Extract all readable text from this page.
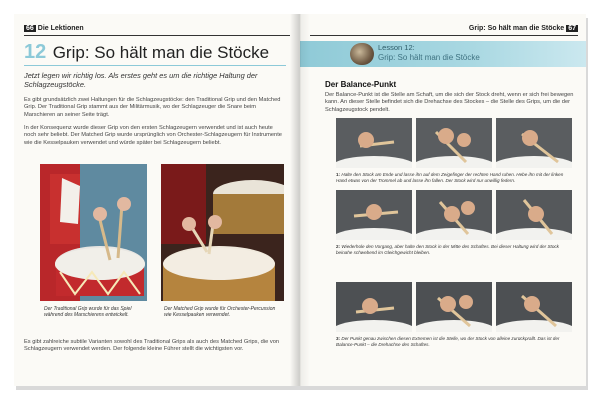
66 Die Lektionen
12 Grip: So hält man die Stöcke
Jetzt legen wir richtig los. Als erstes geht es um die richtige Haltung der Schlagzeugstöcke.
Es gibt grundsätzlich zwei Haltungen für die Schlagzeugstöcke: den Traditional Grip und den Matched Grip. Der Traditional Grip stammt aus der Militärmusik, wo der Schlagzeuger die Snare beim Marschieren an seiner Seite trägt.
In der Konsequenz wurde dieser Grip von den ersten Schlagzeugern verwendet und ist auch heute noch sehr beliebt. Der Matched Grip wurde ursprünglich von Orchester-Schlagzeugern für Instrumente wie die Kesselpauken verwendet und würde später bei Schlagzeugern beliebt.
Der Traditional Grip wurde für das Spiel während des Marschierens entwickelt.
Der Matched Grip wurde für Orchester-Percussion wie Kesselpauken verwendet.
Es gibt zahlreiche subtile Varianten sowohl des Traditional Grips als auch des Matched Grips, die von Schlagzeugern verwendet werden. Der folgende kleine Führer stellt die wichtigsten vor.
Grip: So hält man die Stöcke 67
Lesson 12:
Grip: So hält man die Stöcke
Der Balance-Punkt
Der Balance-Punkt ist die Stelle am Schaft, um die sich der Stock dreht, wenn er sich frei bewegen kann. An dieser Stelle befindet sich die Drehachse des Stockes – die Stelle des Grips, um die der Schlagzeugstock pendelt.
1: Halte den Stock am Ende und lasse ihn auf dem Zeigefinger der rechten Hand ruhen. Hebe ihn mit der linken Hand etwas von der Trommel ab und lasse ihn fallen. Der Stock wird nur unwillig federn.
2: Wiederhole den Vorgang, aber halte den Stock in der Mitte des Schaftes. Bei dieser Haltung wird der Stock beinahe schwebend im Gleichgewicht bleiben.
3: Der Punkt genau zwischen diesen Extremen ist die Stelle, wo der Stock von alleine zurückprallt. Das ist der Balance-Punkt – die Drehachse des Schaftes.
